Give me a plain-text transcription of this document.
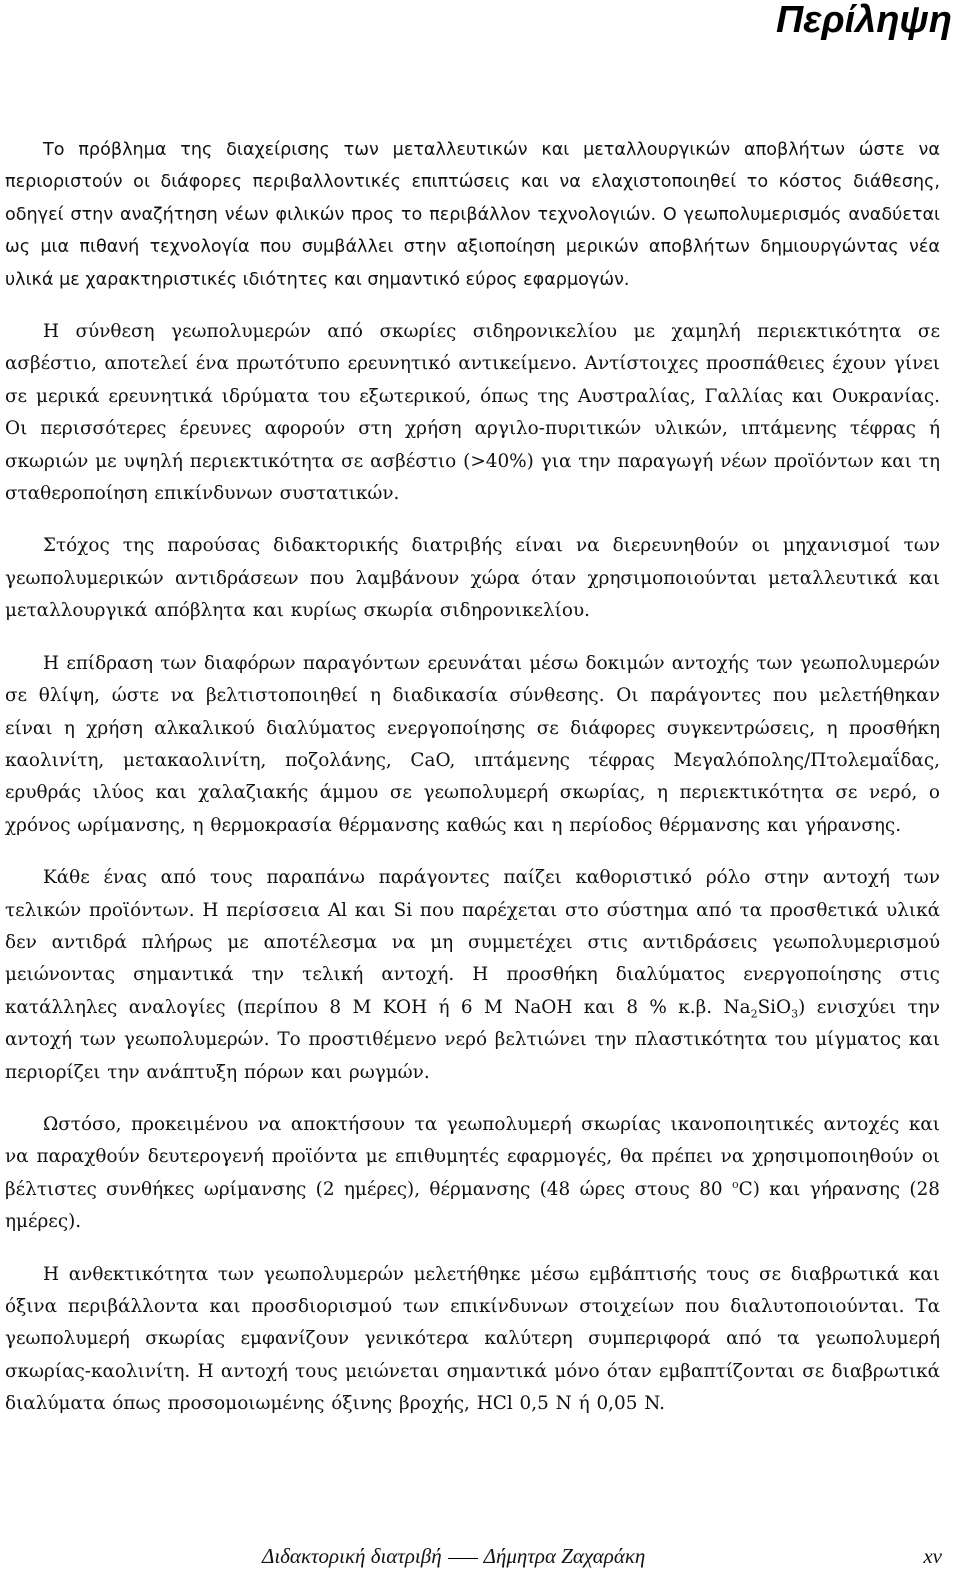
Περίληψη

Το πρόβλημα της διαχείρισης των μεταλλευτικών και μεταλλουργικών αποβλήτων ώστε να περιοριστούν οι διάφορες περιβαλλοντικές επιπτώσεις και να ελαχιστοποιηθεί το κόστος διάθεσης, οδηγεί στην αναζήτηση νέων φιλικών προς το περιβάλλον τεχνολογιών. Ο γεωπολυμερισμός αναδύεται ως μια πιθανή τεχνολογία που συμβάλλει στην αξιοποίηση μερικών αποβλήτων δημιουργώντας νέα υλικά με χαρακτηριστικές ιδιότητες και σημαντικό εύρος εφαρμογών.

Η σύνθεση γεωπολυμερών από σκωρίες σιδηρονικελίου με χαμηλή περιεκτικότητα σε ασβέστιο, αποτελεί ένα πρωτότυπο ερευνητικό αντικείμενο. Αντίστοιχες προσπάθειες έχουν γίνει σε μερικά ερευνητικά ιδρύματα του εξωτερικού, όπως της Αυστραλίας, Γαλλίας και Ουκρανίας. Οι περισσότερες έρευνες αφορούν στη χρήση αργιλο-πυριτικών υλικών, ιπτάμενης τέφρας ή σκωριών με υψηλή περιεκτικότητα σε ασβέστιο (>40%) για την παραγωγή νέων προϊόντων και τη σταθεροποίηση επικίνδυνων συστατικών.

Στόχος της παρούσας διδακτορικής διατριβής είναι να διερευνηθούν οι μηχανισμοί των γεωπολυμερικών αντιδράσεων που λαμβάνουν χώρα όταν χρησιμοποιούνται μεταλλευτικά και μεταλλουργικά απόβλητα και κυρίως σκωρία σιδηρονικελίου.

Η επίδραση των διαφόρων παραγόντων ερευνάται μέσω δοκιμών αντοχής των γεωπολυμερών σε θλίψη, ώστε να βελτιστοποιηθεί η διαδικασία σύνθεσης. Οι παράγοντες που μελετήθηκαν είναι η χρήση αλκαλικού διαλύματος ενεργοποίησης σε διάφορες συγκεντρώσεις, η προσθήκη καολινίτη, μετακαολινίτη, ποζολάνης, CaO, ιπτάμενης τέφρας Μεγαλόπολης/Πτολεμαΐδας, ερυθράς ιλύος και χαλαζιακής άμμου σε γεωπολυμερή σκωρίας, η περιεκτικότητα σε νερό, ο χρόνος ωρίμανσης, η θερμοκρασία θέρμανσης καθώς και η περίοδος θέρμανσης και γήρανσης.

Κάθε ένας από τους παραπάνω παράγοντες παίζει καθοριστικό ρόλο στην αντοχή των τελικών προϊόντων. Η περίσσεια Al και Si που παρέχεται στο σύστημα από τα προσθετικά υλικά δεν αντιδρά πλήρως με αποτέλεσμα να μη συμμετέχει στις αντιδράσεις γεωπολυμερισμού μειώνοντας σημαντικά την τελική αντοχή. Η προσθήκη διαλύματος ενεργοποίησης στις κατάλληλες αναλογίες (περίπου 8 M KOH ή 6 M NaOH και 8 % κ.β. $Na_2SiO_3$) ενισχύει την αντοχή των γεωπολυμερών. Το προστιθέμενο νερό βελτιώνει την πλαστικότητα του μίγματος και περιορίζει την ανάπτυξη πόρων και ρωγμών.

Ωστόσο, προκειμένου να αποκτήσουν τα γεωπολυμερή σκωρίας ικανοποιητικές αντοχές και να παραχθούν δευτερογενή προϊόντα με επιθυμητές εφαρμογές, θα πρέπει να χρησιμοποιηθούν οι βέλτιστες συνθήκες ωρίμανσης (2 ημέρες), θέρμανσης (48 ώρες στους 80 $^o$C) και γήρανσης (28 ημέρες).

Η ανθεκτικότητα των γεωπολυμερών μελετήθηκε μέσω εμβάπτισής τους σε διαβρωτικά και όξινα περιβάλλοντα και προσδιορισμού των επικίνδυνων στοιχείων που διαλυτοποιούνται. Τα γεωπολυμερή σκωρίας εμφανίζουν γενικότερα καλύτερη συμπεριφορά από τα γεωπολυμερή σκωρίας-καολινίτη. Η αντοχή τους μειώνεται σημαντικά μόνο όταν εμβαπτίζονται σε διαβρωτικά διαλύματα όπως προσομοιωμένης όξινης βροχής, HCl 0,5 N ή 0,05 N.

Διδακτορική διατριβή Δήμητρα Ζαχαράκη	xv
